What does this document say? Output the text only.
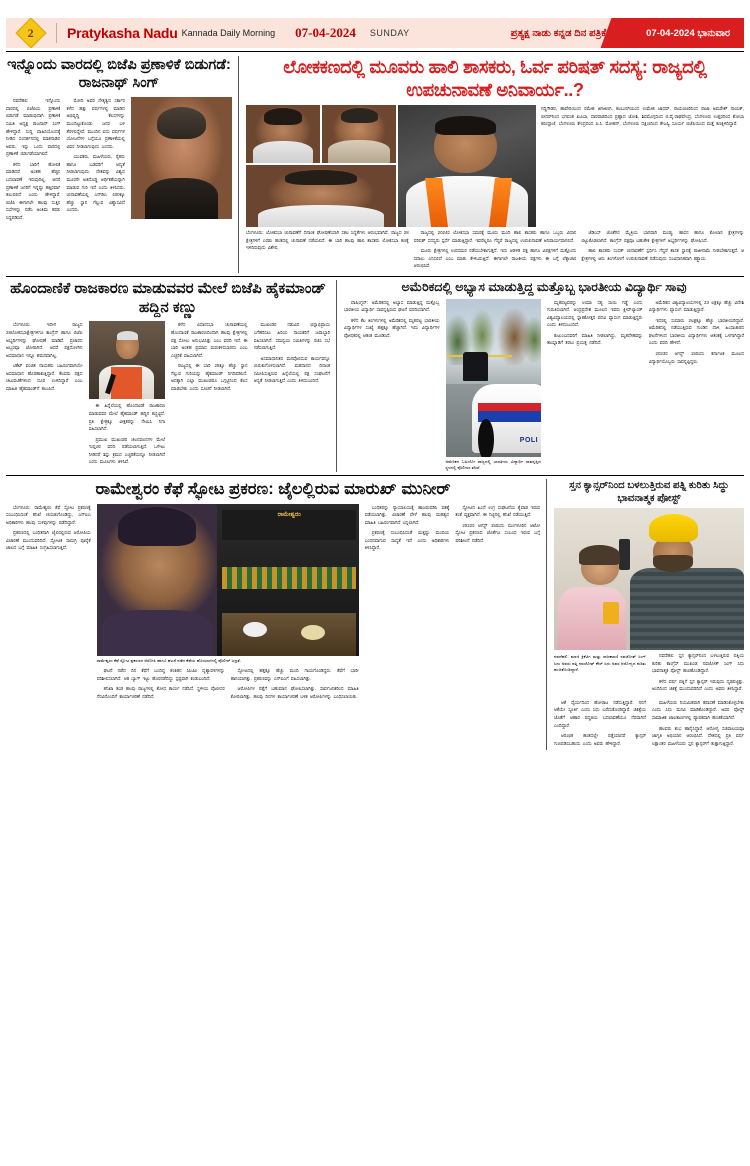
2 Pratykasha Nadu Kannada Daily Morning 07-04-2024 SUNDAY	ಪ್ರತ್ಯಕ್ಷ ನಾಡು ಕನ್ನಡ ದಿನ ಪತ್ರಿಕೆ	07-04-2024 ಭಾನುವಾರ
ಇನ್ನೊಂದು ವಾರದಲ್ಲಿ ಬಿಜೆಪಿ ಪ್ರಣಾಳಿಕೆ ಬಿಡುಗಡೆ: ರಾಜನಾಥ್ ಸಿಂಗ್

ನವದೆಹಲಿ: ಇನ್ನೊಂದು ವಾರದಲ್ಲಿ ಬಿಜೆಪಿಯ ಪ್ರಣಾಳಿಕೆ ಬಿಡುಗಡೆ ಮಾಡುವುದಾಗಿ ಪ್ರಣಾಳಿಕೆ ಸಮಿತಿ ಅಧ್ಯಕ್ಷ ರಾಜನಾಥ್ ಸಿಂಗ್ ಹೇಳಿದ್ದಾರೆ. ಸುದ್ದಿ ವಾಹಿನಿಯೊಂದಕ್ಕೆ ನೀಡಿದ ಸಂದರ್ಶನದಲ್ಲಿ ಮಾತನಾಡಿದ ಅವರು, ಇನ್ನು ಒಂದು ವಾರದಲ್ಲಿ ಪ್ರಣಾಳಿಕೆ ಬಿಡುಗಡೆಯಾಗಲಿದೆ.

ಕಳೆದ ಬಾರಿಗೆ ಹೋಲಿಕೆ ಮಾಡಿದರೆ ಅಂತಹ ಹೆಚ್ಚಿನ ಬದಲಾವಣೆ ಇರುವುದಿಲ್ಲ. ಆದರೆ ಪ್ರಣಾಳಿಕೆ ಜನರಿಗೆ ಇನ್ನಷ್ಟು ಹತ್ತಿರವಾಗಿ ತಲುಪಲಿದೆ ಎಂದು ಹೇಳಿದ್ದಾರೆ. ಬಿಜೆಪಿ ಈಗಾಗಲೇ ಹಲವು ಸುತ್ತಿನ ಸಭೆಗಳನ್ನು ನಡೆಸಿ ಅಂತಿಮ ಕರಡು ಸಿದ್ಧಪಡಿಸಿದೆ.

ಮೋದಿ ಅವರ ನೇತೃತ್ವದ ಸರ್ಕಾರ ಕಳೆದ ಹತ್ತು ವರ್ಷಗಳಲ್ಲಿ ಮಾಡಿದ ಅಭಿವೃದ್ಧಿ ಕೆಲಸಗಳನ್ನು ಮುಂದಿಟ್ಟುಕೊಂಡು ಜನರ ಬಳಿ ತೆರಳಲಿದ್ದೇವೆ. ಮುಂದಿನ ಐದು ವರ್ಷಗಳ ಯೋಜನೆಗಳ ಬಗ್ಗೆಯೂ ಪ್ರಣಾಳಿಕೆಯಲ್ಲಿ ವಿವರ ನೀಡಲಾಗುವುದು ಎಂದರು.

ಯುವಕರು, ಮಹಿಳೆಯರು, ರೈತರು ಹಾಗೂ ಬಡವರಿಗೆ ಆದ್ಯತೆ ನೀಡಲಾಗುವುದು. ದೇಶವನ್ನು ವಿಶ್ವದ ಮೂರನೇ ಅತಿದೊಡ್ಡ ಆರ್ಥಿಕತೆಯನ್ನಾಗಿ ಮಾಡುವ ಗುರಿ ಇದೆ ಎಂದು ತಿಳಿಸಿದರು. ಚುನಾವಣೆಯಲ್ಲಿ ಎನ್‌ಡಿಎ 400ಕ್ಕೂ ಹೆಚ್ಚು ಸ್ಥಾನ ಗೆಲ್ಲುವ ವಿಶ್ವಾಸವಿದೆ ಎಂದರು.

ಲೋಕಕಣದಲ್ಲಿ ಮೂವರು ಹಾಲಿ ಶಾಸಕರು, ಓರ್ವ ಪರಿಷತ್ ಸದಸ್ಯ: ರಾಜ್ಯದಲ್ಲಿ ಉಪಚುನಾವಣೆ ಅನಿವಾರ್ಯ..?
ಗದ್ದಿಗೌಡರ, ಹಾವೇರಿಯಿಂದ ರಮೇಶ ಜಿಗಜಿಣಗಿ, ಕಲಬುರಗಿಯಿಂದ ಉಮೇಶ ಜಾಧವ್, ರಾಯಚೂರಿನಿಂದ ರಾಜಾ ಅಮರೇಶ್ ನಾಯಕ್, ಬೀದರ್‌ನಿಂದ ಭಗವಂತ ಖೂಬಾ, ಧಾರವಾಡದಿಂದ ಪ್ರಹ್ಲಾದ ಜೋಶಿ, ಶಿವಮೊಗ್ಗದಿಂದ ಬಿ.ವೈ.ರಾಘವೇಂದ್ರ, ಬೆಂಗಳೂರು ಉತ್ತರದಿಂದ ಶೋಭಾ ಕರಂದ್ಲಾಜೆ, ಬೆಂಗಳೂರು ಕೇಂದ್ರದಿಂದ ಪಿ.ಸಿ. ಮೋಹನ್, ಬೆಂಗಳೂರು ದಕ್ಷಿಣದಿಂದ ತೇಜಸ್ವಿ ಸೂರ್ಯ ಬಿಜೆಪಿಯಿಂದ ಮತ್ತೆ ಕಣಕ್ಕಿಳಿದಿದ್ದಾರೆ.
ಬೆಂಗಳೂರು: ಲೋಕಸಭಾ ಚುನಾವಣೆಗೆ ದಿನಾಂಕ ಘೋಷಣೆಯಾಗಿ ಸಕಲ ಸಿದ್ಧತೆಗಳು ಆರಂಭವಾಗಿವೆ. ರಾಜ್ಯದ 28 ಕ್ಷೇತ್ರಗಳಿಗೆ ಎರಡು ಹಂತದಲ್ಲಿ ಚುನಾವಣೆ ನಡೆಯಲಿದೆ. ಈ ಬಾರಿ ಹಲವು ಹಾಲಿ ಶಾಸಕರು ಲೋಕಸಭಾ ಕಣಕ್ಕೆ ಇಳಿದಿರುವುದು ವಿಶೇಷ.

ರಾಜ್ಯದಲ್ಲಿ 2024ರ ಲೋಕಸಭಾ ಸಮರಕ್ಕೆ ಮೂರು ಮಂದಿ ಹಾಲಿ ಶಾಸಕರು ಹಾಗೂ ಒಬ್ಬರು ವಿಧಾನ ಪರಿಷತ್ ಸದಸ್ಯರು ಸ್ಪರ್ಧೆ ಮಾಡುತ್ತಿದ್ದಾರೆ. ಇವರೆಲ್ಲರೂ ಗೆದ್ದರೆ ರಾಜ್ಯದಲ್ಲಿ ಉಪಚುನಾವಣೆ ಅನಿವಾರ್ಯವಾಗಲಿದೆ.

ಮೂರು ಕ್ಷೇತ್ರಗಳಲ್ಲಿ ಉಪಸಮರ ನಡೆಯಬೇಕಾಗುತ್ತದೆ. ಇದು ಆಡಳಿತ ಪಕ್ಷ ಹಾಗೂ ವಿಪಕ್ಷಗಳಿಗೆ ಮತ್ತೊಂದು ಸವಾಲು ಎನಿಸಲಿದೆ ಎಂಬ ಮಾತು ಕೇಳಿಬರುತ್ತಿದೆ. ಈಗಾಗಲೇ ರಾಜಕೀಯ ಪಕ್ಷಗಳು ಈ ಬಗ್ಗೆ ಲೆಕ್ಕಾಚಾರ ಆರಂಭಿಸಿವೆ.

ಜೆಡಿಎಸ್ ಜೊತೆಗಿನ ಮೈತ್ರಿಯ ಭಾಗವಾಗಿ ಮಂಡ್ಯ, ಹಾಸನ ಹಾಗೂ ಕೋಲಾರ ಕ್ಷೇತ್ರಗಳನ್ನು ಬಿಟ್ಟುಕೊಡಲಾಗಿದೆ. ಕಾಂಗ್ರೆಸ್ ಪಕ್ಷವೂ ಬಹುತೇಕ ಕ್ಷೇತ್ರಗಳಿಗೆ ಅಭ್ಯರ್ಥಿಗಳನ್ನು ಘೋಷಿಸಿದೆ.

ಹಾಲಿ ಶಾಸಕರು ಸಂಸತ್ ಚುನಾವಣೆಗೆ ಸ್ಪರ್ಧಿಸಿ ಗೆದ್ದರೆ ಶಾಸಕ ಸ್ಥಾನಕ್ಕೆ ರಾಜೀನಾಮೆ ನೀಡಬೇಕಾಗುತ್ತದೆ. ಆ ಕ್ಷೇತ್ರಗಳಲ್ಲಿ ಆರು ತಿಂಗಳೊಳಗೆ ಉಪಚುನಾವಣೆ ನಡೆಸುವುದು ಸಂವಿಧಾನಿಕವಾಗಿ ಕಡ್ಡಾಯ.

ಹೊಂದಾಣಿಕೆ ರಾಜಕಾರಣ ಮಾಡುವವರ ಮೇಲೆ ಬಿಜೆಪಿ ಹೈಕಮಾಂಡ್ ಹದ್ದಿನ ಕಣ್ಣು

ಬೆಂಗಳೂರು: ಇದೀಗ ರಾಜ್ಯದ 28ಲೋಕಸಭಾಕ್ಷೇತ್ರಗಳಿಗೂ ಕಾಂಗ್ರೆಸ್ ಹಾಗೂ ಬಿಜೆಪಿ ಅಭ್ಯರ್ಥಿಗಳನ್ನು ಘೋಷಣೆ ಮಾಡಿವೆ. ಪ್ರಚಾರದ ಅಬ್ಬರವೂ ಜೋರಾಗಿದೆ. ಆದರೆ ಪಕ್ಷದೊಳಗಿನ ಅಸಮಾಧಾನ ಇನ್ನೂ ಶಮನವಾಗಿಲ್ಲ.

ಟಿಕೆಟ್ ವಂಚಿತ ನಾಯಕರು ಬಹಿರಂಗವಾಗಿಯೇ ಅಸಮಾಧಾನ ಹೊರಹಾಕುತ್ತಿದ್ದಾರೆ. ಕೆಲವರು ಪಕ್ಷದ ಚಟುವಟಿಕೆಗಳಿಂದ ದೂರ ಉಳಿದಿದ್ದಾರೆ ಎಂಬ ಮಾಹಿತಿ ಹೈಕಮಾಂಡ್‌ಗೆ ತಲುಪಿದೆ.

ಈ ಹಿನ್ನೆಲೆಯಲ್ಲಿ ಹೊಂದಾಣಿಕೆ ರಾಜಕಾರಣ ಮಾಡುವವರ ಮೇಲೆ ಹೈಕಮಾಂಡ್ ಹದ್ದಿನ ಕಣ್ಣಿಟ್ಟಿದೆ. ಪ್ರತಿ ಕ್ಷೇತ್ರಕ್ಕೂ ವೀಕ್ಷಕರನ್ನು ನೇಮಿಸಿ ನಿಗಾ ವಹಿಸಲಾಗಿದೆ.

ಪ್ರಮುಖ ಮುಖಂಡರ ಚಲನವಲನಗಳ ಮೇಲೆ ಗುಪ್ತಚರ ವರದಿ ಪಡೆಯಲಾಗುತ್ತಿದೆ. ಒಳೇಟು ನೀಡಿದರೆ ಶಿಸ್ತು ಕ್ರಮದ ಎಚ್ಚರಿಕೆಯನ್ನೂ ನೀಡಲಾಗಿದೆ ಎಂದು ಮೂಲಗಳು ತಿಳಿಸಿವೆ.

ಕಳೆದ ವಿಧಾನಸಭಾ ಚುನಾವಣೆಯಲ್ಲಿ ಹೊಂದಾಣಿಕೆ ರಾಜಕಾರಣದಿಂದಾಗಿ ಹಲವು ಕ್ಷೇತ್ರಗಳಲ್ಲಿ ಪಕ್ಷ ಸೋಲು ಅನುಭವಿಸಿತ್ತು ಎಂಬ ವರದಿ ಇದೆ. ಈ ಬಾರಿ ಅಂತಹ ಪ್ರಮಾದ ಮರುಕಳಿಸಬಾರದು ಎಂಬ ಎಚ್ಚರಿಕೆ ವಹಿಸಲಾಗಿದೆ.

ರಾಜ್ಯದಲ್ಲಿ ಈ ಬಾರಿ 25ಕ್ಕೂ ಹೆಚ್ಚು ಸ್ಥಾನ ಗೆಲ್ಲುವ ಗುರಿಯನ್ನು ಹೈಕಮಾಂಡ್ ನಿಗದಿಪಡಿಸಿದೆ. ಅದಕ್ಕಾಗಿ ಎಲ್ಲಾ ಮುಖಂಡರೂ ಒಗ್ಗಟ್ಟಿನಿಂದ ಕೆಲಸ ಮಾಡಬೇಕು ಎಂದು ಸೂಚನೆ ನೀಡಲಾಗಿದೆ.

ಮುಖಂಡರ ನಡುವಿನ ಭಿನ್ನಾಭಿಪ್ರಾಯ ಬಗೆಹರಿಸಲು ಹಿರಿಯ ನಾಯಕರಿಗೆ ಜವಾಬ್ದಾರಿ ವಹಿಸಲಾಗಿದೆ. ಸಮನ್ವಯ ಸಮಿತಿಗಳನ್ನು ರಚಿಸಿ ಸಭೆ ನಡೆಸಲಾಗುತ್ತಿದೆ.

ಅಸಮಾಧಾನಿತರ ಮನವೊಲಿಸುವ ಕಾರ್ಯವನ್ನೂ ಚುರುಕುಗೊಳಿಸಲಾಗಿದೆ. ಮತದಾನದ ದಿನಾಂಕ ಸಮೀಪಿಸುತ್ತಿರುವ ಹಿನ್ನೆಲೆಯಲ್ಲಿ ಪಕ್ಷ ಸಂಘಟನೆಗೆ ಆದ್ಯತೆ ನೀಡಲಾಗುತ್ತಿದೆ ಎಂದು ತಿಳಿದುಬಂದಿದೆ.

ಅಮೆರಿಕದಲ್ಲಿ ಅಭ್ಯಾಸ ಮಾಡುತ್ತಿದ್ದ ಮತ್ತೊಬ್ಬ ಭಾರತೀಯ ವಿದ್ಯಾರ್ಥಿ ಸಾವು

ವಾಷಿಂಗ್ಟನ್: ಅಮೆರಿಕದಲ್ಲಿ ಅಭ್ಯಾಸ ಮಾಡುತ್ತಿದ್ದ ಮತ್ತೊಬ್ಬ ಭಾರತೀಯ ವಿದ್ಯಾರ್ಥಿ ಸಾವನ್ನಪ್ಪಿರುವ ಘಟನೆ ವರದಿಯಾಗಿದೆ.

ಕಳೆದ ಕೆಲ ತಿಂಗಳುಗಳಲ್ಲಿ ಅಮೆರಿಕದಲ್ಲಿ ಮೃತಪಟ್ಟ ಭಾರತೀಯ ವಿದ್ಯಾರ್ಥಿಗಳ ಸಂಖ್ಯೆ ಹತ್ತಕ್ಕೂ ಹೆಚ್ಚಾಗಿದೆ. ಇದು ವಿದ್ಯಾರ್ಥಿಗಳ ಪೋಷಕರಲ್ಲಿ ಆತಂಕ ಮೂಡಿಸಿದೆ.

POLI
ಅಮೆರಿಕದ ಓಹಿಯೋ ರಾಜ್ಯದಲ್ಲಿ ಭಾರತೀಯ ವಿದ್ಯಾರ್ಥಿ ಸಾವನ್ನಪ್ಪಿದ ಸ್ಥಳದಲ್ಲಿ ಪೊಲೀಸರ ತನಿಖೆ.

ಮೃತಪಟ್ಟವರನ್ನು ಉಮಾ ಸತ್ಯ ಸಾಯಿ ಗಡ್ಡೆ ಎಂದು ಗುರುತಿಸಲಾಗಿದೆ. ಆಂಧ್ರಪ್ರದೇಶ ಮೂಲದ ಇವರು ಕ್ಲೀವ್‌ಲ್ಯಾಂಡ್ ವಿಶ್ವವಿದ್ಯಾಲಯದಲ್ಲಿ ಸ್ನಾತಕೋತ್ತರ ಪದವಿ ವ್ಯಾಸಂಗ ಮಾಡುತ್ತಿದ್ದರು ಎಂದು ತಿಳಿದುಬಂದಿದೆ.

ಕುಟುಂಬದವರಿಗೆ ಮಾಹಿತಿ ನೀಡಲಾಗಿದ್ದು, ಮೃತದೇಹವನ್ನು ತಾಯ್ನಾಡಿಗೆ ತರಲು ಪ್ರಯತ್ನ ನಡೆದಿದೆ.

ಅಮೆರಿಕದ ವಿಶ್ವವಿದ್ಯಾಲಯಗಳಲ್ಲಿ 23 ಲಕ್ಷಕ್ಕೂ ಹೆಚ್ಚು ವಿದೇಶಿ ವಿದ್ಯಾರ್ಥಿಗಳು ವ್ಯಾಸಂಗ ಮಾಡುತ್ತಿದ್ದಾರೆ.

ಇದರಲ್ಲಿ ಸುಮಾರು 2ಲಕ್ಷಕ್ಕೂ ಹೆಚ್ಚು ಭಾರತೀಯರಿದ್ದಾರೆ. ಅಮೆರಿಕದಲ್ಲಿ ನಡೆಯುತ್ತಿರುವ ಗುಂಡಿನ ದಾಳಿ, ಹಿಂಸಾಚಾರದ ಘಟನೆಗಳಿಂದ ಭಾರತೀಯ ವಿದ್ಯಾರ್ಥಿಗಳು ಆತಂಕಕ್ಕೆ ಒಳಗಾಗಿದ್ದಾರೆ ಎಂದು ವರದಿ ಹೇಳಿದೆ.

2023ರ ಆಗಸ್ಟ್ 15ರಂದು ಕರ್ನಾಟಕ ಮೂಲದ ವಿದ್ಯಾರ್ಥಿಯೊಬ್ಬರು ಸಾವನ್ನಪ್ಪಿದ್ದರು.

ರಾಮೇಶ್ವರಂ ಕೆಫೆ ಸ್ಫೋಟ ಪ್ರಕರಣ: ಜೈಲಲ್ಲಿರುವ ಮಾರುಖ್ ಮುನೀರ್

ಬೆಂಗಳೂರು: ರಾಮೇಶ್ವರಂ ಕೆಫೆ ಸ್ಫೋಟ ಪ್ರಕರಣಕ್ಕೆ ಸಂಬಂಧಿಸಿದಂತೆ ತನಿಖೆ ಚುರುಕುಗೊಂಡಿದ್ದು, ಎನ್‌ಐಎ ಅಧಿಕಾರಿಗಳು ಹಲವು ಸುಳಿವುಗಳನ್ನು ಪಡೆದಿದ್ದಾರೆ.

ಪ್ರಕರಣದಲ್ಲಿ ಬಂಧಿತನಾಗಿ ಜೈಲಿನಲ್ಲಿರುವ ಆರೋಪಿಯ ವಿಚಾರಣೆ ಮುಂದುವರಿದಿದೆ. ಸ್ಫೋಟಕ ಸಾಮಗ್ರಿ ಪೂರೈಕೆ ಜಾಲದ ಬಗ್ಗೆ ಮಾಹಿತಿ ಸಂಗ್ರಹಿಸಲಾಗುತ್ತಿದೆ.

ರಾಮೇಶ್ವರಂ
ರಾಮೇಶ್ವರಂ ಕೆಫೆ ಸ್ಫೋಟ ಪ್ರಕರಣದ ಆರೋಪಿ ಹಾಗೂ ಘಟನೆ ನಡೆದ ಕೆಫೆಯ ಹೊರಭಾಗದಲ್ಲಿ ಪೊಲೀಸ್ ಭದ್ರತೆ.

ಘಟನೆ ನಡೆದ ದಿನ ಕೆಫೆಗೆ ಬಂದಿದ್ದ ಶಂಕಿತನ ಸಿಸಿಟಿವಿ ದೃಶ್ಯಾವಳಿಗಳನ್ನು ಪರಿಶೀಲಿಸಲಾಗಿದೆ. ಆತ ಬ್ಯಾಗ್ ಇಟ್ಟು ಹೊರನಡೆದಿದ್ದು ಸ್ಪಷ್ಟವಾಗಿ ಕಂಡುಬಂದಿದೆ.

ತನಿಖಾ ತಂಡ ಹಲವು ರಾಜ್ಯಗಳಲ್ಲಿ ಶೋಧ ಕಾರ್ಯ ನಡೆಸಿದೆ. ಸ್ಥಳೀಯ ಪೊಲೀಸರ ನೆರವಿನೊಂದಿಗೆ ಕಾರ್ಯಾಚರಣೆ ನಡೆದಿದೆ.

ಸ್ಫೋಟದಲ್ಲಿ ಹತ್ತಕ್ಕೂ ಹೆಚ್ಚು ಮಂದಿ ಗಾಯಗೊಂಡಿದ್ದರು. ಕೆಫೆಗೆ ಭಾರೀ ಹಾನಿಯಾಗಿತ್ತು. ಪ್ರಕರಣವನ್ನು ಎನ್‌ಐಎಗೆ ವಹಿಸಲಾಗಿತ್ತು.

ಆರೋಪಿಗಳ ಪತ್ತೆಗೆ ಬಹುಮಾನ ಘೋಷಿಸಲಾಗಿತ್ತು. ಸಾರ್ವಜನಿಕರಿಂದ ಮಾಹಿತಿ ಕೋರಲಾಗಿತ್ತು. ಹಲವು ದಿನಗಳ ಕಾರ್ಯಾಚರಣೆ ಬಳಿಕ ಆರೋಪಿಗಳನ್ನು ಬಂಧಿಸಲಾಯಿತು.

ಬಂಧಿತರನ್ನು ನ್ಯಾಯಾಲಯಕ್ಕೆ ಹಾಜರುಪಡಿಸಿ ವಶಕ್ಕೆ ಪಡೆಯಲಾಗಿತ್ತು. ವಿಚಾರಣೆ ವೇಳೆ ಹಲವು ಮಹತ್ವದ ಮಾಹಿತಿ ಬಹಿರಂಗವಾಗಿದೆ ಎನ್ನಲಾಗಿದೆ.

ಪ್ರಕರಣಕ್ಕೆ ಸಂಬಂಧಿಸಿದಂತೆ ಮತ್ತಷ್ಟು ಮಂದಿಯ ಬಂಧನವಾಗುವ ಸಾಧ್ಯತೆ ಇದೆ ಎಂದು ಅಧಿಕಾರಿಗಳು ತಿಳಿಸಿದ್ದಾರೆ.

ಸ್ಫೋಟದ ಹಿಂದೆ ಉಗ್ರ ಸಂಘಟನೆಯ ಕೈವಾಡ ಇರುವ ಶಂಕೆ ವ್ಯಕ್ತವಾಗಿದೆ. ಈ ನಿಟ್ಟಿನಲ್ಲಿ ತನಿಖೆ ನಡೆಯುತ್ತಿದೆ.

2022ರ ಆಗಸ್ಟ್ 15ರಂದು ಮಂಗಳೂರಿನ ಆಟೋ ಸ್ಫೋಟ ಪ್ರಕರಣದ ಜೊತೆಗೂ ಸಂಬಂಧ ಇರುವ ಬಗ್ಗೆ ಪರಿಶೀಲನೆ ನಡೆದಿದೆ.

ಸ್ತನ ಕ್ಯಾನ್ಸರ್‌ನಿಂದ ಬಳಲುತ್ತಿರುವ ಪತ್ನಿ ಕುರಿತು ಸಿದ್ಧು ಭಾವನಾತ್ಮಕ ಪೋಸ್ಟ್
ನವದೆಹಲಿ: ಮಾಜಿ ಕ್ರಿಕೆಟಿಗ ಮತ್ತು ರಾಜಕಾರಣಿ ನವಜೋತ್ ಸಿಂಗ್ ಸಿಧು ಅವರು ಪತ್ನಿ ನವಜೋತ್ ಕೌರ್ ಸಿಧು ಅವರ ಆರೋಗ್ಯದ ಕುರಿತು ಹಂಚಿಕೊಂಡಿದ್ದಾರೆ.

ನವದೆಹಲಿ: ಸ್ತನ ಕ್ಯಾನ್ಸರ್‌ನಿಂದ ಬಳಲುತ್ತಿರುವ ಪತ್ನಿಯ ಕುರಿತು ಕಾಂಗ್ರೆಸ್ ಮುಖಂಡ ನವಜೋತ್ ಸಿಂಗ್ ಸಿಧು ಭಾವನಾತ್ಮಕ ಪೋಸ್ಟ್ ಹಂಚಿಕೊಂಡಿದ್ದಾರೆ.

ಕಳೆದ ವರ್ಷ ಪತ್ನಿಗೆ ಸ್ತನ ಕ್ಯಾನ್ಸರ್ ಇರುವುದು ದೃಢಪಟ್ಟಿತ್ತು. ಅಂದಿನಿಂದ ಚಿಕಿತ್ಸೆ ಮುಂದುವರಿದಿದೆ ಎಂದು ಅವರು ತಿಳಿಸಿದ್ದಾರೆ.

ಆಕೆ ಧೈರ್ಯದಿಂದ ಹೋರಾಟ ನಡೆಸುತ್ತಿದ್ದಾರೆ. ನನಗೆ ಆಕೆಯೇ ಸ್ಫೂರ್ತಿ ಎಂದು ಸಿಧು ಬರೆದುಕೊಂಡಿದ್ದಾರೆ. ಚಿಕಿತ್ಸೆಯ ಜೊತೆಗೆ ಆಹಾರ ಪದ್ಧತಿಯ ಬದಲಾವಣೆಯೂ ನೆರವಾಗಿದೆ ಎಂದಿದ್ದಾರೆ.

ಆರಂಭಿಕ ಹಂತದಲ್ಲೇ ಪತ್ತೆಯಾದರೆ ಕ್ಯಾನ್ಸರ್ ಗುಣಪಡಿಸಬಹುದು ಎಂದು ಅವರು ಹೇಳಿದ್ದಾರೆ.

ಮಹಿಳೆಯರು ನಿಯಮಿತವಾಗಿ ತಪಾಸಣೆ ಮಾಡಿಸಿಕೊಳ್ಳಬೇಕು ಎಂದು ಸಿಧು ಮನವಿ ಮಾಡಿಕೊಂಡಿದ್ದಾರೆ. ಅವರ ಪೋಸ್ಟ್ ಸಾಮಾಜಿಕ ಜಾಲತಾಣಗಳಲ್ಲಿ ವ್ಯಾಪಕವಾಗಿ ಹಂಚಿಕೆಯಾಗಿದೆ.

ಹಲವರು ಶುಭ ಹಾರೈಸಿದ್ದಾರೆ. ಆರೋಗ್ಯ ಸಚಿವಾಲಯವೂ ಜಾಗೃತಿ ಅಭಿಯಾನ ಆರಂಭಿಸಿದೆ. ದೇಶದಲ್ಲಿ ಪ್ರತಿ ವರ್ಷ ಲಕ್ಷಾಂತರ ಮಹಿಳೆಯರು ಸ್ತನ ಕ್ಯಾನ್ಸರ್‌ಗೆ ತುತ್ತಾಗುತ್ತಿದ್ದಾರೆ.
